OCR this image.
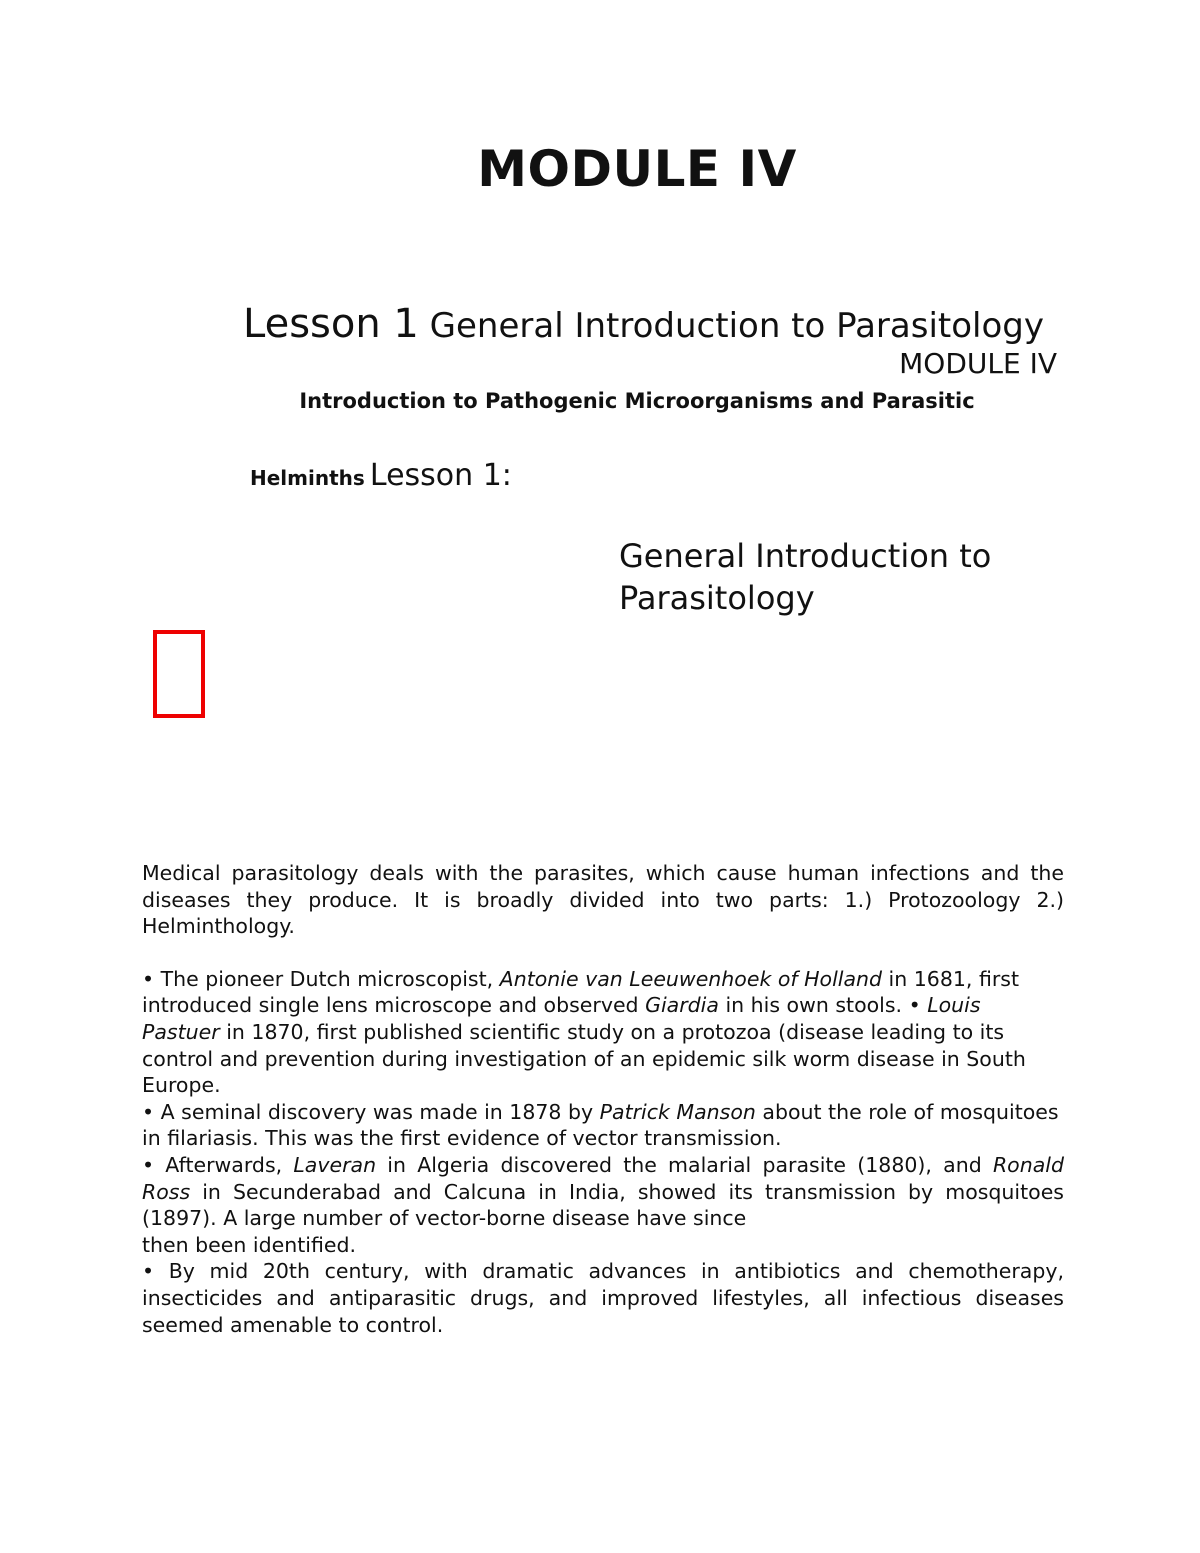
MODULE IV
Lesson 1 General Introduction to Parasitology
MODULE IV
Introduction to Pathogenic Microorganisms and Parasitic
Helminths Lesson 1:
General Introduction to
Parasitology

Medical parasitology deals with the parasites, which cause human infections and the diseases they produce. It is broadly divided into two parts: 1.) Protozoology 2.) Helminthology.

• The pioneer Dutch microscopist, Antonie van Leeuwenhoek of Holland in 1681, first introduced single lens microscope and observed Giardia in his own stools. • Louis Pastuer in 1870, first published scientific study on a protozoa (disease leading to its control and prevention during investigation of an epidemic silk worm disease in South Europe.

• A seminal discovery was made in 1878 by Patrick Manson about the role of mosquitoes in filariasis. This was the first evidence of vector transmission.

• Afterwards, Laveran in Algeria discovered the malarial parasite (1880), and Ronald Ross in Secunderabad and Calcuna in India, showed its transmission by mosquitoes (1897). A large number of vector-borne disease have since

then been identified.

• By mid 20th century, with dramatic advances in antibiotics and chemotherapy, insecticides and antiparasitic drugs, and improved lifestyles, all infectious diseases seemed amenable to control.
